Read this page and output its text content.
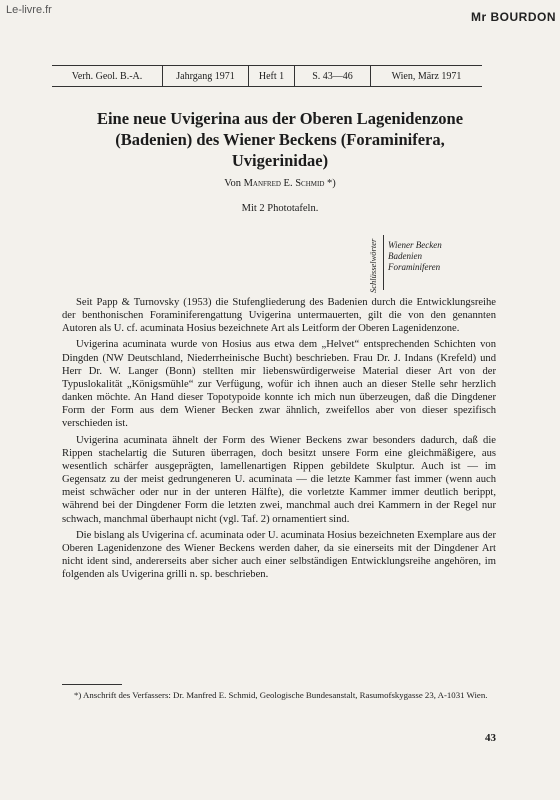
Le-livre.fr	Mr BOURDON
Verh. Geol. B.-A.	Jahrgang 1971	Heft 1	S. 43—46	Wien, März 1971
Eine neue Uvigerina aus der Oberen Lagenidenzone
(Badenien) des Wiener Beckens (Foraminifera,
Uvigerinidae)
Von Manfred E. Schmid *)
Mit 2 Phototafeln.
Schlüsselwörter	Wiener Becken
Badenien
Foraminiferen

Seit Papp & Turnovsky (1953) die Stufengliederung des Badenien durch die Entwicklungsreihe der benthonischen Foraminiferengattung Uvigerina untermauerten, gilt die von den genannten Autoren als U. cf. acuminata Hosius bezeichnete Art als Leitform der Oberen Lagenidenzone.

Uvigerina acuminata wurde von Hosius aus etwa dem „Helvet“ entsprechenden Schichten von Dingden (NW Deutschland, Niederrheinische Bucht) beschrieben. Frau Dr. J. Indans (Krefeld) und Herr Dr. W. Langer (Bonn) stellten mir liebenswürdigerweise Material dieser Art von der Typuslokalität „Königsmühle“ zur Verfügung, wofür ich ihnen auch an dieser Stelle sehr herzlich danken möchte. An Hand dieser Topotypoide konnte ich mich nun überzeugen, daß die Dingdener Form der Form aus dem Wiener Becken zwar ähnlich, zweifellos aber von dieser spezifisch verschieden ist.

Uvigerina acuminata ähnelt der Form des Wiener Beckens zwar besonders dadurch, daß die Rippen stachelartig die Suturen überragen, doch besitzt unsere Form eine gleichmäßigere, aus wesentlich schärfer ausgeprägten, lamellenartigen Rippen gebildete Skulptur. Auch ist — im Gegensatz zu der meist gedrungeneren U. acuminata — die letzte Kammer fast immer (wenn auch meist schwächer oder nur in der unteren Hälfte), die vorletzte Kammer immer deutlich berippt, während bei der Dingdener Form die letzten zwei, manchmal auch drei Kammern in der Regel nur schwach, manchmal überhaupt nicht (vgl. Taf. 2) ornamentiert sind.

Die bislang als Uvigerina cf. acuminata oder U. acuminata Hosius bezeichneten Exemplare aus der Oberen Lagenidenzone des Wiener Beckens werden daher, da sie einerseits mit der Dingdener Art nicht ident sind, andererseits aber sicher auch einer selbständigen Entwicklungsreihe angehören, im folgenden als Uvigerina grilli n. sp. beschrieben.

*) Anschrift des Verfassers: Dr. Manfred E. Schmid, Geologische Bundesanstalt, Rasumofskygasse 23, A-1031 Wien.
43
